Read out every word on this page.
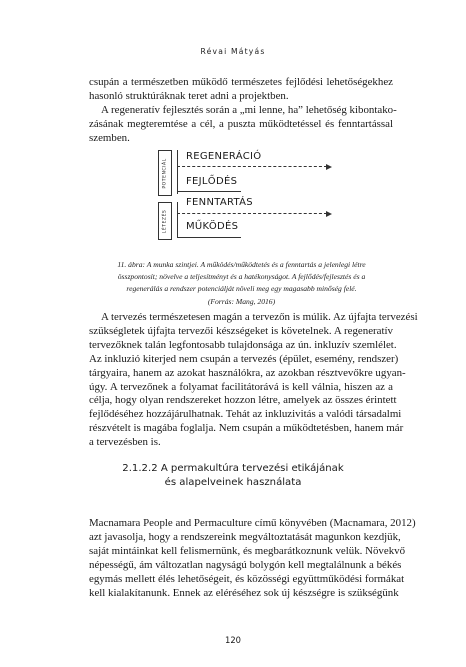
Révai Mátyás

csupán a természetben működő természetes fejlődési lehetőségekhez
hasonló struktúráknak teret adni a projektben.

A regeneratív fejlesztés során a „mi lenne, ha” lehetőség kibontako-
zásának megteremtése a cél, a puszta működtetéssel és fenntartással
szemben.

POTENCIÁL
LÉTEZÉS
REGENERÁCIÓ
FEJLŐDÉS
FENNTARTÁS
MŰKÖDÉS

11. ábra: A munka szintjei. A működés/működtetés és a fenntartás a jelenlegi létre
összpontosít; növelve a teljesítményt és a hatékonyságot. A fejlődés/fejlesztés és a
regenerálás a rendszer potenciálját növeli meg egy magasabb minőség felé.
(Forrás: Mang, 2016)

A tervezés természetesen magán a tervezőn is múlik. Az újfajta tervezési
szükségletek újfajta tervezői készségeket is követelnek. A regeneratív
tervezőknek talán legfontosabb tulajdonsága az ún. inkluzív szemlélet.
Az inkluzió kiterjed nem csupán a tervezés (épület, esemény, rendszer)
tárgyaira, hanem az azokat használókra, az azokban résztvevőkre ugyan-
úgy. A tervezőnek a folyamat facilitátorává is kell válnia, hiszen az a
célja, hogy olyan rendszereket hozzon létre, amelyek az összes érintett
fejlődéséhez hozzájárulhatnak. Tehát az inkluzivitás a valódi társadalmi
részvételt is magába foglalja. Nem csupán a működtetésben, hanem már
a tervezésben is.

2.1.2.2 A permakultúra tervezési etikájának
és alapelveinek használata

Macnamara People and Permaculture című könyvében (Macnamara, 2012)
azt javasolja, hogy a rendszereink megváltoztatását magunkon kezdjük,
saját mintáinkat kell felismernünk, és megbarátkoznunk velük. Növekvő
népességű, ám változatlan nagyságú bolygón kell megtalálnunk a békés
egymás mellett élés lehetőségeit, és közösségi együttműködési formákat
kell kialakítanunk. Ennek az eléréséhez sok új készségre is szükségünk

120
